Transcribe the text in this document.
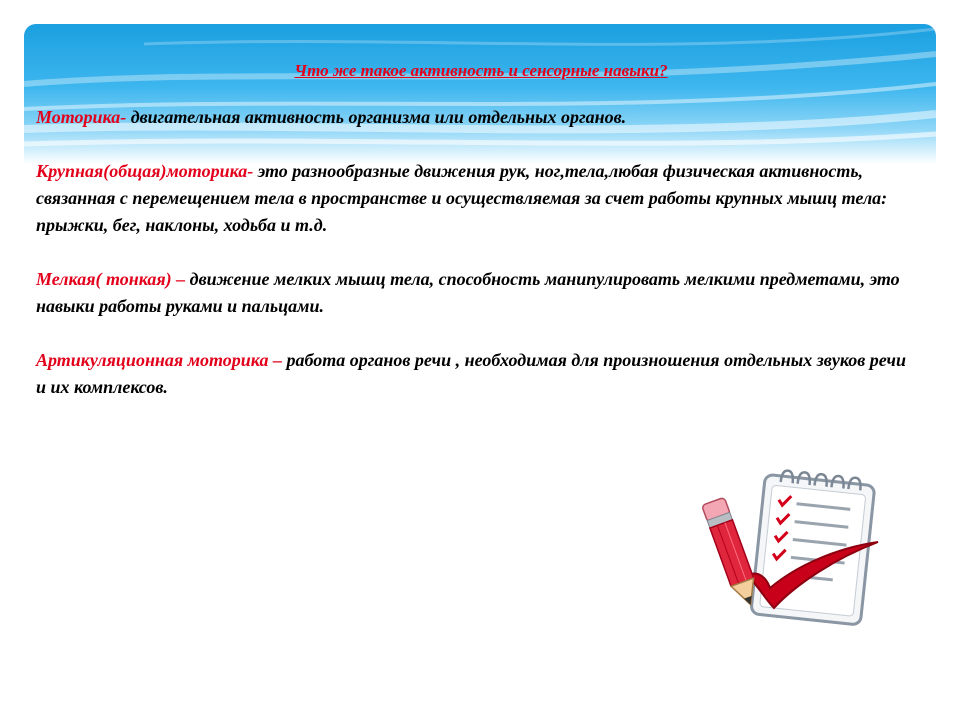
Что же такое активность и сенсорные навыки?

Моторика- двигательная активность организма или отдельных органов.

Крупная(общая)моторика- это разнообразные движения рук, ног,тела,любая физическая активность, связанная с перемещением тела в пространстве и осуществляемая за счет работы крупных мышц тела: прыжки, бег, наклоны, ходьба и т.д.

Мелкая( тонкая) – движение мелких мышц тела, способность манипулировать мелкими предметами, это навыки работы руками и пальцами.

Артикуляционная моторика – работа органов речи , необходимая для произношения отдельных звуков речи и их комплексов.
